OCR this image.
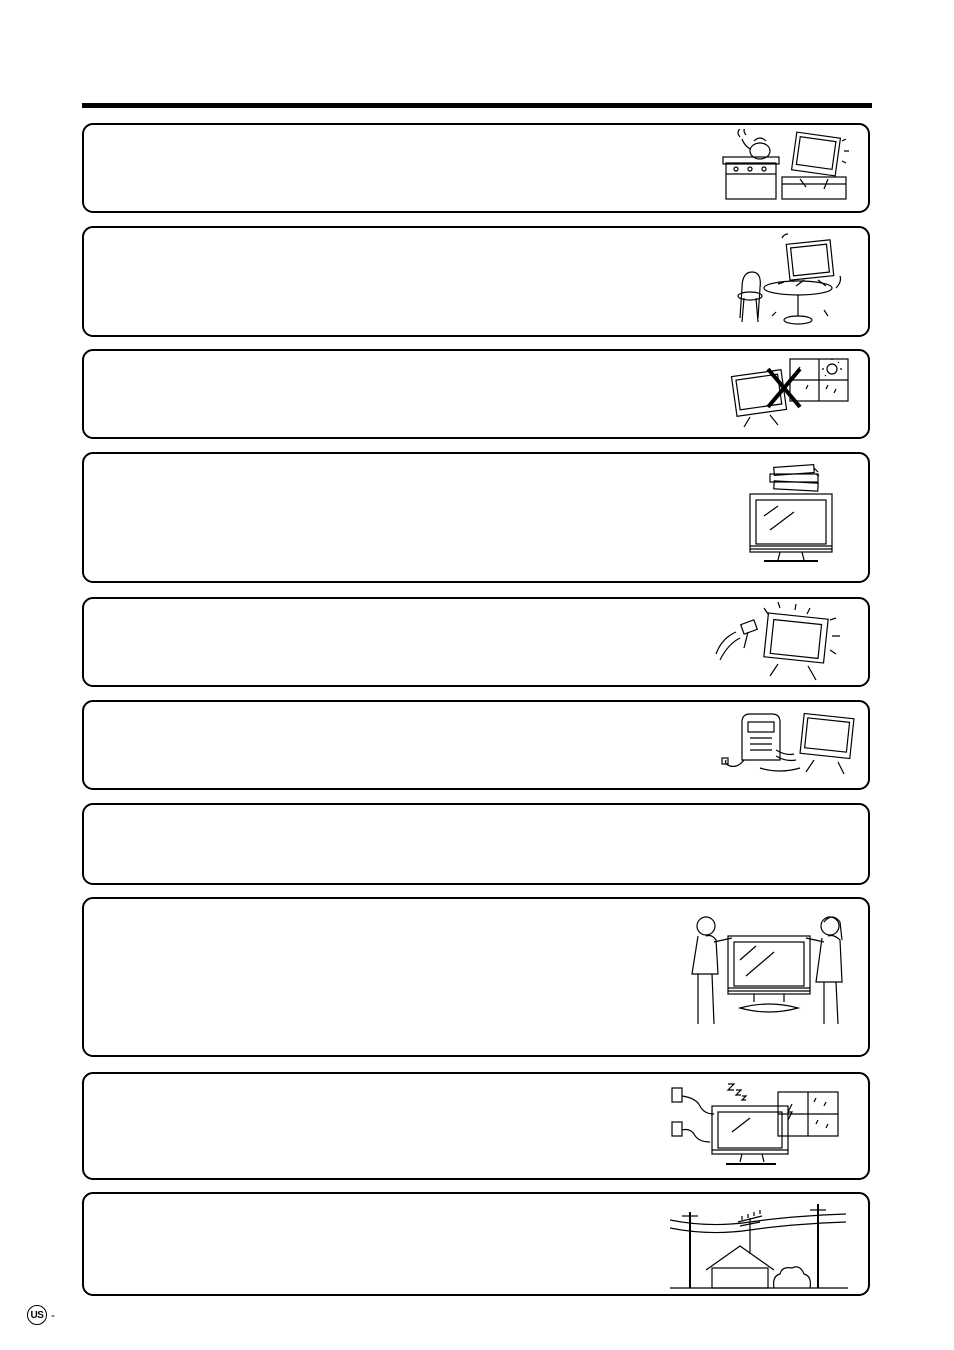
US -
